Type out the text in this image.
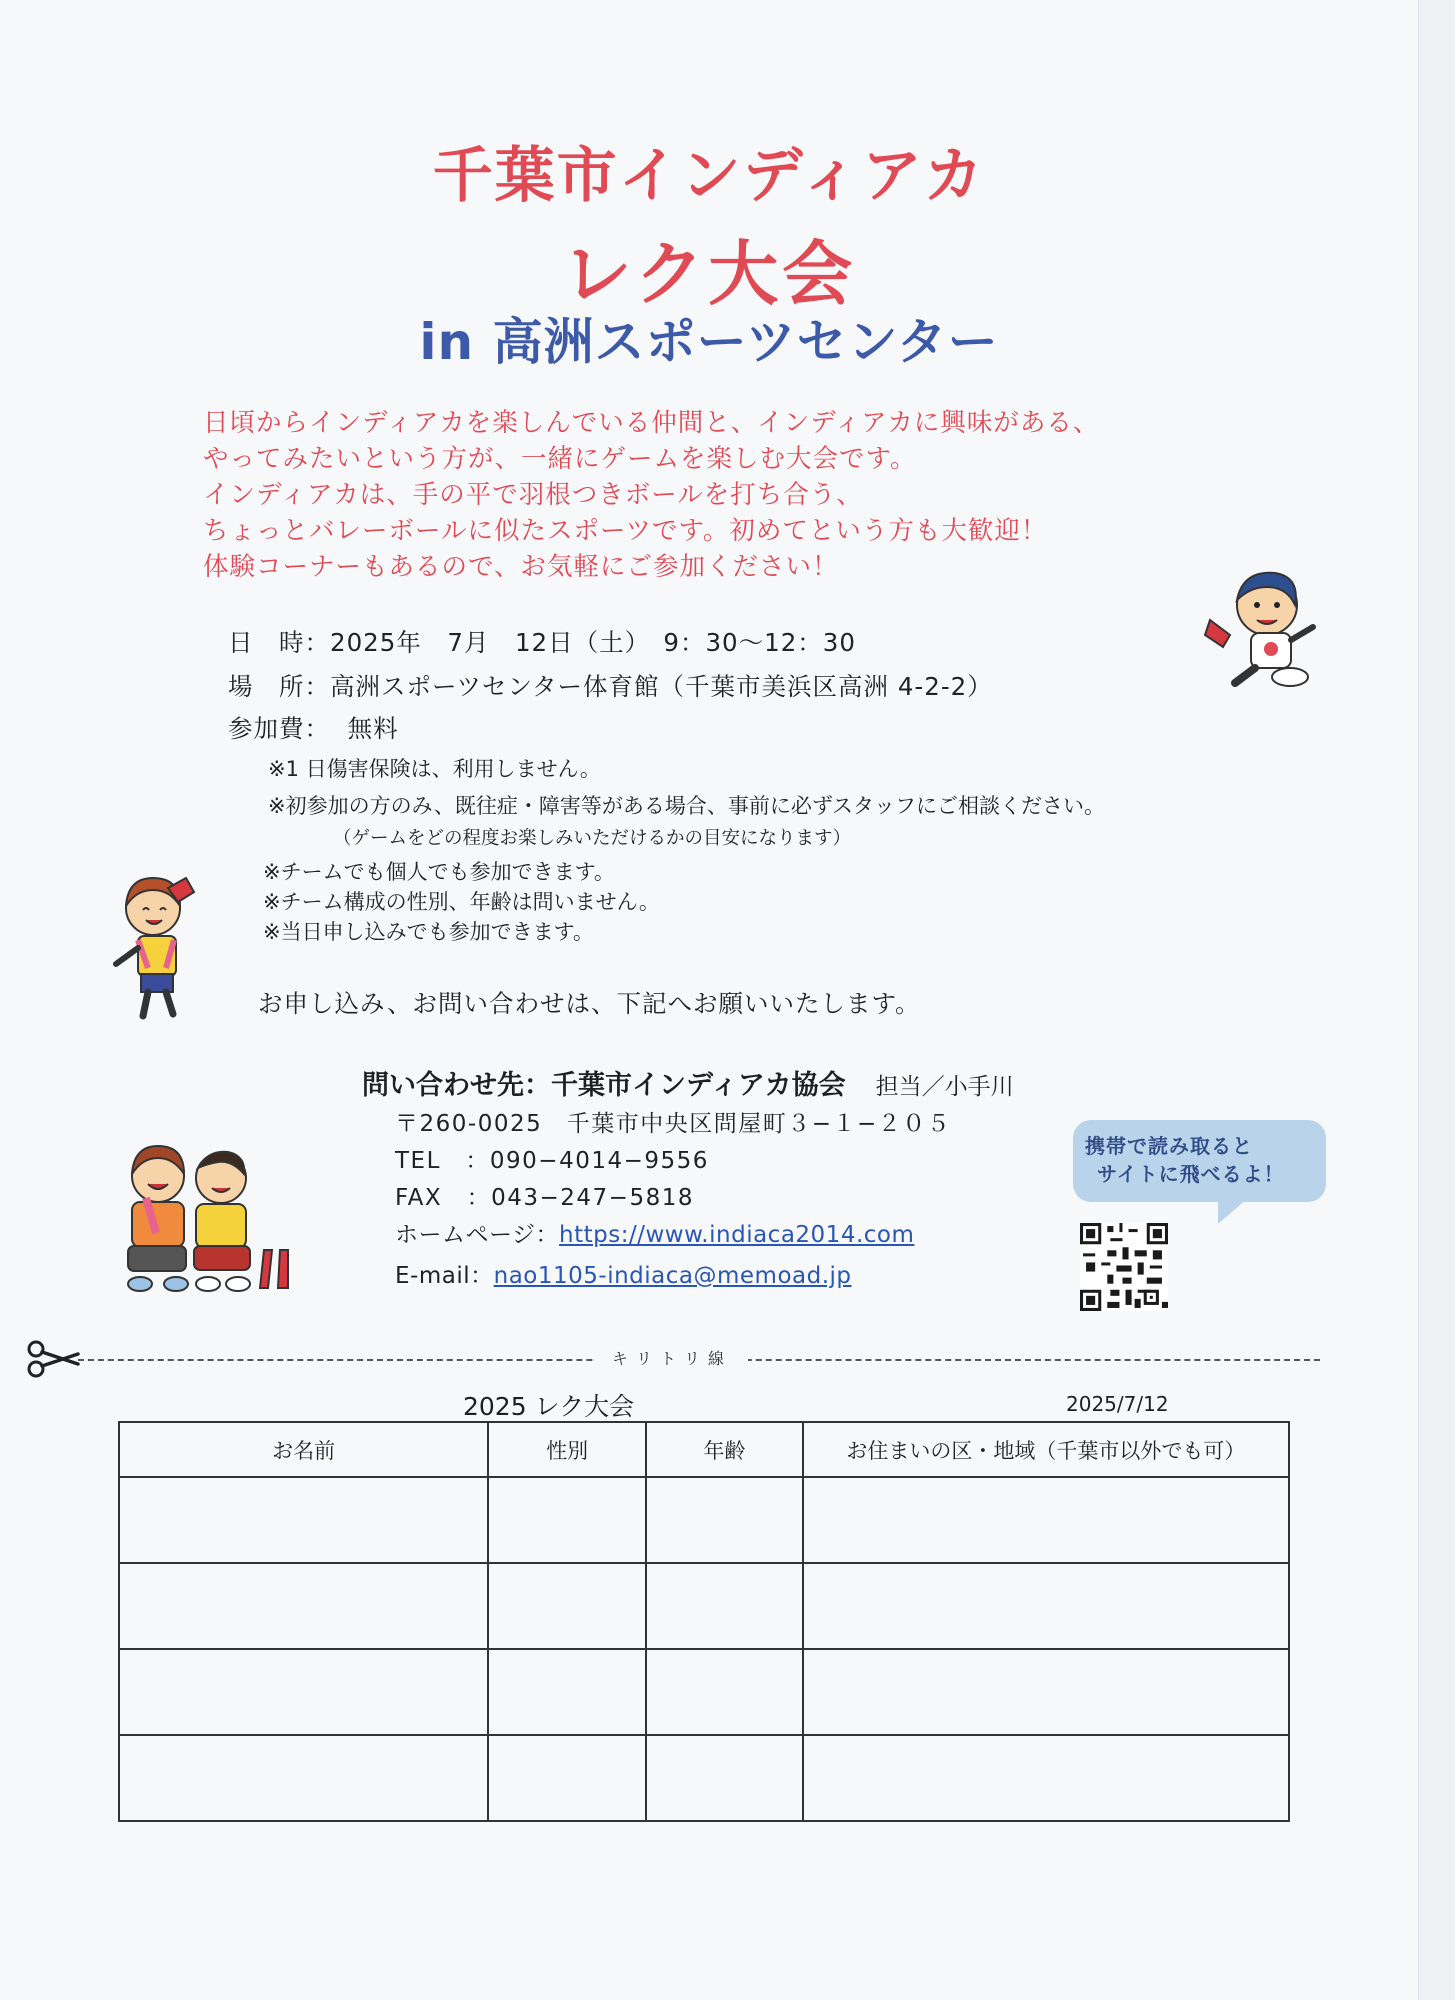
千葉市インディアカ
レク大会
in 高洲スポーツセンター
日頃からインディアカを楽しんでいる仲間と、インディアカに興味がある、
やってみたいという方が、一緒にゲームを楽しむ大会です。
インディアカは、手の平で羽根つきボールを打ち合う、
ちょっとバレーボールに似たスポーツです。初めてという方も大歓迎！
体験コーナーもあるので、お気軽にご参加ください！
日　時：2025年　7月　12日（土）　9：30〜12：30
場　所：高洲スポーツセンター体育館（千葉市美浜区高洲 4-2-2）
参加費： 無料
※1 日傷害保険は、利用しません。
※初参加の方のみ、既往症・障害等がある場合、事前に必ずスタッフにご相談ください。
（ゲームをどの程度お楽しみいただけるかの目安になります）
※チームでも個人でも参加できます。
※チーム構成の性別、年齢は問いません。
※当日申し込みでも参加できます。
お申し込み、お問い合わせは、下記へお願いいたします。
問い合わせ先：千葉市インディアカ協会 担当／小手川
〒260-0025　千葉市中央区問屋町３−１−２０５
TEL　：090−4014−9556
FAX　：043−247−5818
ホームページ：https://www.indiaca2014.com
E-mail：nao1105-indiaca@memoad.jp
携帯で読み取ると
サイトに飛べるよ！
キリトリ線
2025 レク大会	2025/7/12
お名前	性別	年齢	お住まいの区・地域（千葉市以外でも可）
